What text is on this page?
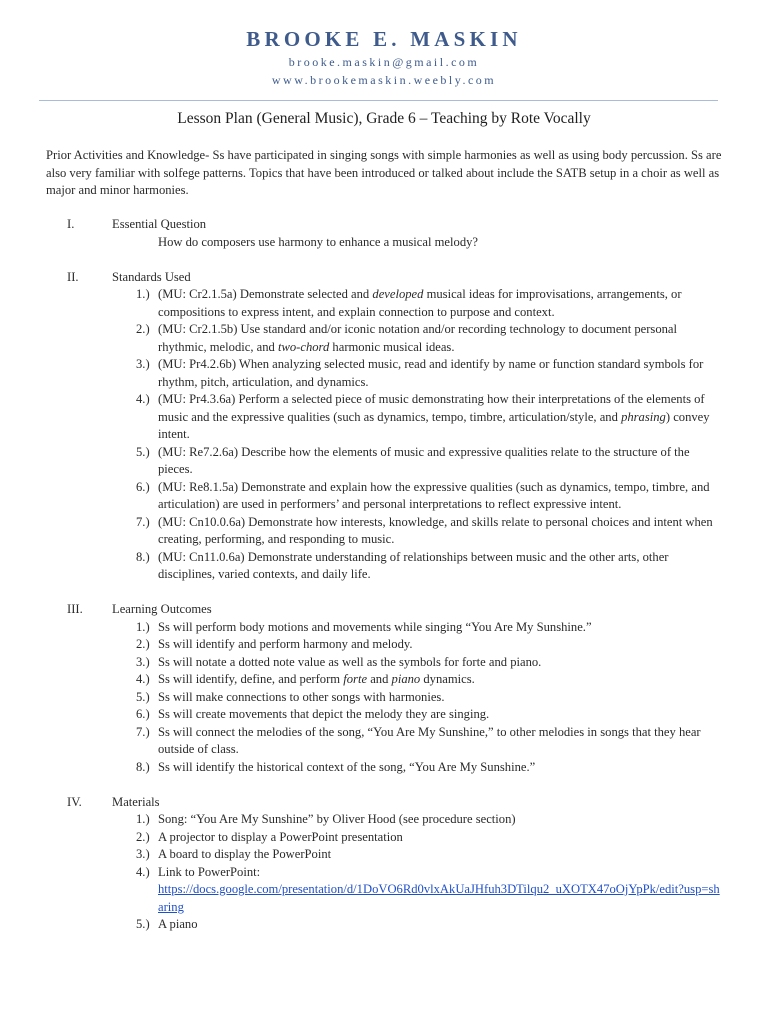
BROOKE E. MASKIN
brooke.maskin@gmail.com
www.brookemaskin.weebly.com
Lesson Plan (General Music), Grade 6 – Teaching by Rote Vocally
Prior Activities and Knowledge- Ss have participated in singing songs with simple harmonies as well as using body percussion. Ss are also very familiar with solfege patterns. Topics that have been introduced or talked about include the SATB setup in a choir as well as major and minor harmonies.
I.	Essential Question
How do composers use harmony to enhance a musical melody?
II.	Standards Used
1.) (MU: Cr2.1.5a) Demonstrate selected and developed musical ideas for improvisations, arrangements, or compositions to express intent, and explain connection to purpose and context.
2.) (MU: Cr2.1.5b) Use standard and/or iconic notation and/or recording technology to document personal rhythmic, melodic, and two-chord harmonic musical ideas.
3.) (MU: Pr4.2.6b) When analyzing selected music, read and identify by name or function standard symbols for rhythm, pitch, articulation, and dynamics.
4.) (MU: Pr4.3.6a) Perform a selected piece of music demonstrating how their interpretations of the elements of music and the expressive qualities (such as dynamics, tempo, timbre, articulation/style, and phrasing) convey intent.
5.) (MU: Re7.2.6a) Describe how the elements of music and expressive qualities relate to the structure of the pieces.
6.) (MU: Re8.1.5a) Demonstrate and explain how the expressive qualities (such as dynamics, tempo, timbre, and articulation) are used in performers’ and personal interpretations to reflect expressive intent.
7.) (MU: Cn10.0.6a) Demonstrate how interests, knowledge, and skills relate to personal choices and intent when creating, performing, and responding to music.
8.) (MU: Cn11.0.6a) Demonstrate understanding of relationships between music and the other arts, other disciplines, varied contexts, and daily life.
III. Learning Outcomes
1.) Ss will perform body motions and movements while singing “You Are My Sunshine.”
2.) Ss will identify and perform harmony and melody.
3.) Ss will notate a dotted note value as well as the symbols for forte and piano.
4.) Ss will identify, define, and perform forte and piano dynamics.
5.) Ss will make connections to other songs with harmonies.
6.) Ss will create movements that depict the melody they are singing.
7.) Ss will connect the melodies of the song, “You Are My Sunshine,” to other melodies in songs that they hear outside of class.
8.) Ss will identify the historical context of the song, “You Are My Sunshine.”
IV. Materials
1.) Song: “You Are My Sunshine” by Oliver Hood (see procedure section)
2.) A projector to display a PowerPoint presentation
3.) A board to display the PowerPoint
4.) Link to PowerPoint:
https://docs.google.com/presentation/d/1DoVO6Rd0vlxAkUaJHfuh3DTilqu2_uXOTX47oOjYpPk/edit?usp=sharing
5.) A piano
